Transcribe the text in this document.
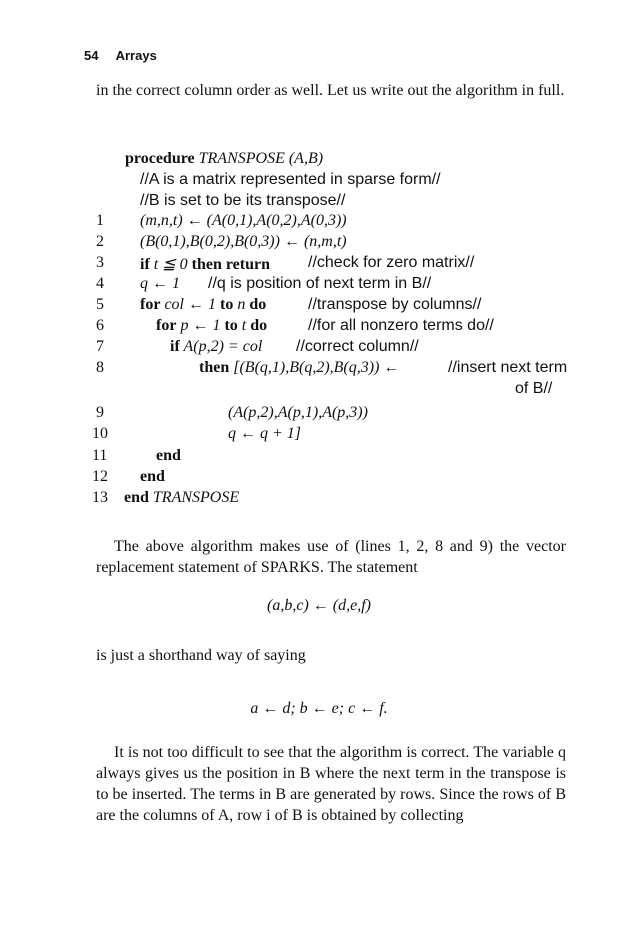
54 Arrays

in the correct column order as well. Let us write out the algorithm in full.

procedure TRANSPOSE (A,B)
//A is a matrix represented in sparse form//
//B is set to be its transpose//
1	(m,n,t) ← (A(0,1),A(0,2),A(0,3))
2	(B(0,1),B(0,2),B(0,3)) ← (n,m,t)
3	if t ≦ 0 then return //check for zero matrix//
4	q ← 1 //q is position of next term in B//
5	for col ← 1 to n do	//transpose by columns//
6	for p ← 1 to t do	//for all nonzero terms do//
7	if A(p,2) = col //correct column//
8	then [(B(q,1),B(q,2),B(q,3)) ←	//insert next term
of B//
9	(A(p,2),A(p,1),A(p,3))
10	q ← q + 1]
11	end
12 end
13 end TRANSPOSE

The above algorithm makes use of (lines 1, 2, 8 and 9) the vector replacement statement of SPARKS. The statement

(a,b,c) ← (d,e,f)

is just a shorthand way of saying

a ← d; b ← e; c ← f.

It is not too difficult to see that the algorithm is correct. The variable q always gives us the position in B where the next term in the transpose is to be inserted. The terms in B are generated by rows. Since the rows of B are the columns of A, row i of B is obtained by collecting
